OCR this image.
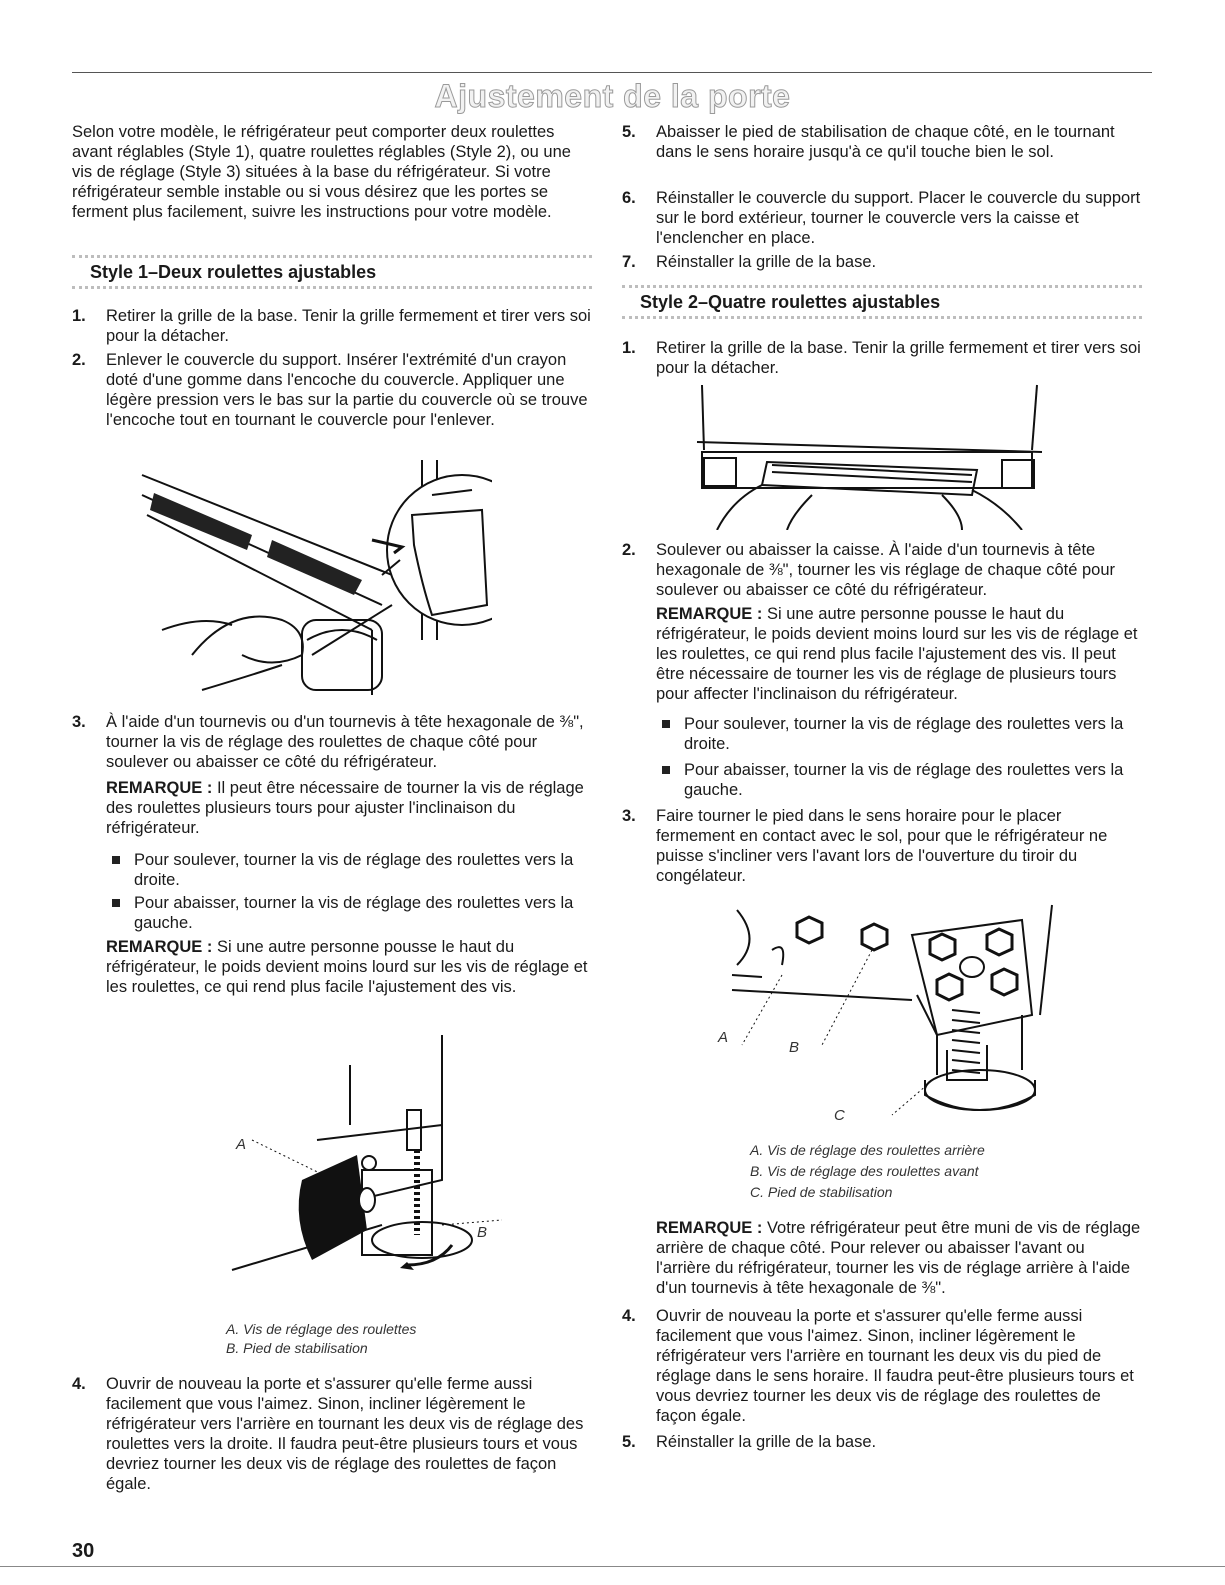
Ajustement de la porte
Selon votre modèle, le réfrigérateur peut comporter deux roulettes avant réglables (Style 1), quatre roulettes réglables (Style 2), ou une vis de réglage (Style 3) situées à la base du réfrigérateur. Si votre réfrigérateur semble instable ou si vous désirez que les portes se ferment plus facilement, suivre les instructions pour votre modèle.
Style 1–Deux roulettes ajustables
1.	Retirer la grille de la base. Tenir la grille fermement et tirer vers soi pour la détacher.
2.	Enlever le couvercle du support. Insérer l'extrémité d'un crayon doté d'une gomme dans l'encoche du couvercle. Appliquer une légère pression vers le bas sur la partie du couvercle où se trouve l'encoche tout en tournant le couvercle pour l'enlever.
3.	À l'aide d'un tournevis ou d'un tournevis à tête hexagonale de ⅜", tourner la vis de réglage des roulettes de chaque côté pour soulever ou abaisser ce côté du réfrigérateur.
REMARQUE : Il peut être nécessaire de tourner la vis de réglage des roulettes plusieurs tours pour ajuster l'inclinaison du réfrigérateur.
Pour soulever, tourner la vis de réglage des roulettes vers la droite.
Pour abaisser, tourner la vis de réglage des roulettes vers la gauche.
REMARQUE : Si une autre personne pousse le haut du réfrigérateur, le poids devient moins lourd sur les vis de réglage et les roulettes, ce qui rend plus facile l'ajustement des vis.
A
B
A. Vis de réglage des roulettes
B. Pied de stabilisation
4.	Ouvrir de nouveau la porte et s'assurer qu'elle ferme aussi facilement que vous l'aimez. Sinon, incliner légèrement le réfrigérateur vers l'arrière en tournant les deux vis de réglage des roulettes vers la droite. Il faudra peut-être plusieurs tours et vous devriez tourner les deux vis de réglage des roulettes de façon égale.
5.	Abaisser le pied de stabilisation de chaque côté, en le tournant dans le sens horaire jusqu'à ce qu'il touche bien le sol.
6.	Réinstaller le couvercle du support. Placer le couvercle du support sur le bord extérieur, tourner le couvercle vers la caisse et l'enclencher en place.
7.	Réinstaller la grille de la base.
Style 2–Quatre roulettes ajustables
1.	Retirer la grille de la base. Tenir la grille fermement et tirer vers soi pour la détacher.
2.	Soulever ou abaisser la caisse. À l'aide d'un tournevis à tête hexagonale de ⅜", tourner les vis réglage de chaque côté pour soulever ou abaisser ce côté du réfrigérateur.
REMARQUE : Si une autre personne pousse le haut du réfrigérateur, le poids devient moins lourd sur les vis de réglage et les roulettes, ce qui rend plus facile l'ajustement des vis. Il peut être nécessaire de tourner les vis de réglage de plusieurs tours pour affecter l'inclinaison du réfrigérateur.
Pour soulever, tourner la vis de réglage des roulettes vers la droite.
Pour abaisser, tourner la vis de réglage des roulettes vers la gauche.
3.	Faire tourner le pied dans le sens horaire pour le placer fermement en contact avec le sol, pour que le réfrigérateur ne puisse s'incliner vers l'avant lors de l'ouverture du tiroir du congélateur.
A
B
C
A. Vis de réglage des roulettes arrière
B. Vis de réglage des roulettes avant
C. Pied de stabilisation
REMARQUE : Votre réfrigérateur peut être muni de vis de réglage arrière de chaque côté. Pour relever ou abaisser l'avant ou l'arrière du réfrigérateur, tourner les vis de réglage arrière à l'aide d'un tournevis à tête hexagonale de ⅜".
4.	Ouvrir de nouveau la porte et s'assurer qu'elle ferme aussi facilement que vous l'aimez. Sinon, incliner légèrement le réfrigérateur vers l'arrière en tournant les deux vis du pied de réglage dans le sens horaire. Il faudra peut-être plusieurs tours et vous devriez tourner les deux vis de réglage des roulettes de façon égale.
5.	Réinstaller la grille de la base.
30
